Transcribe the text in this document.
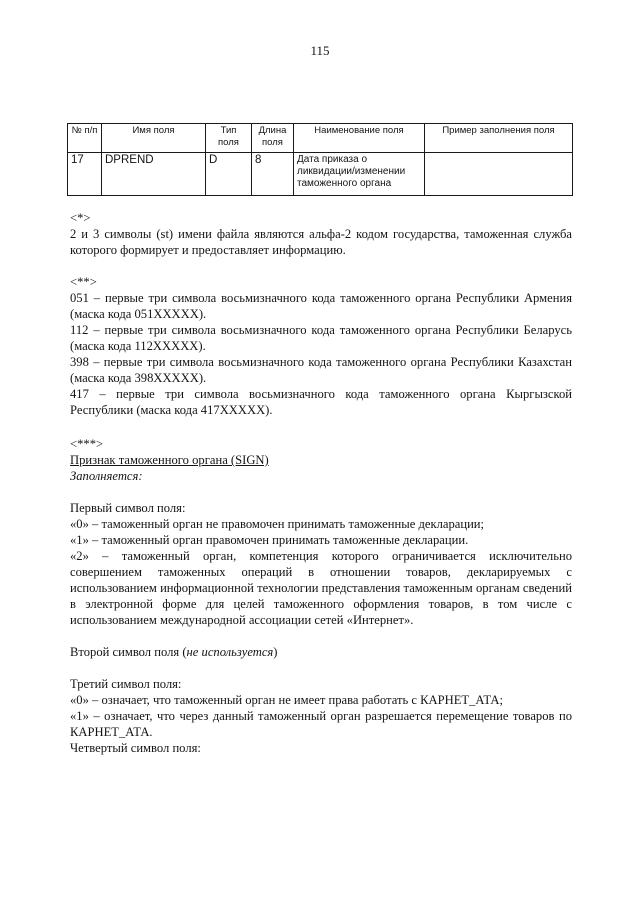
115
№ п/п	Имя поля	Тип поля	Длина поля	Наименование поля	Пример заполнения поля
17	DPREND	D	8	Дата приказа о ликвидации/изменении таможенного органа	

<*>

2 и 3 символы (st) имени файла являются альфа-2 кодом государства, таможенная служба которого формирует и предоставляет информацию.

<**>

051 – первые три символа восьмизначного кода таможенного органа Республики Армения (маска кода 051XXXXX).

112 – первые три символа восьмизначного кода таможенного органа Республики Беларусь (маска кода 112XXXXX).

398 – первые три символа восьмизначного кода таможенного органа Республики Казахстан (маска кода 398XXXXX).

417 – первые три символа восьмизначного кода таможенного органа Кыргызской Республики (маска кода 417XXXXX).

<***>

Признак таможенного органа (SIGN)

Заполняется:

Первый символ поля:

«0» – таможенный орган не правомочен принимать таможенные декларации;

«1» – таможенный орган правомочен принимать таможенные декларации.

«2» – таможенный орган, компетенция которого ограничивается исключительно совершением таможенных операций в отношении товаров, декларируемых с использованием информационной технологии представления таможенным органам сведений в электронной форме для целей таможенного оформления товаров, в том числе с использованием международной ассоциации сетей «Интернет».

Второй символ поля (не используется)

Третий символ поля:

«0» – означает, что таможенный орган не имеет права работать с КАРНЕТ_АТА;

«1» – означает, что через данный таможенный орган разрешается перемещение товаров по КАРНЕТ_АТА.

Четвертый символ поля:
